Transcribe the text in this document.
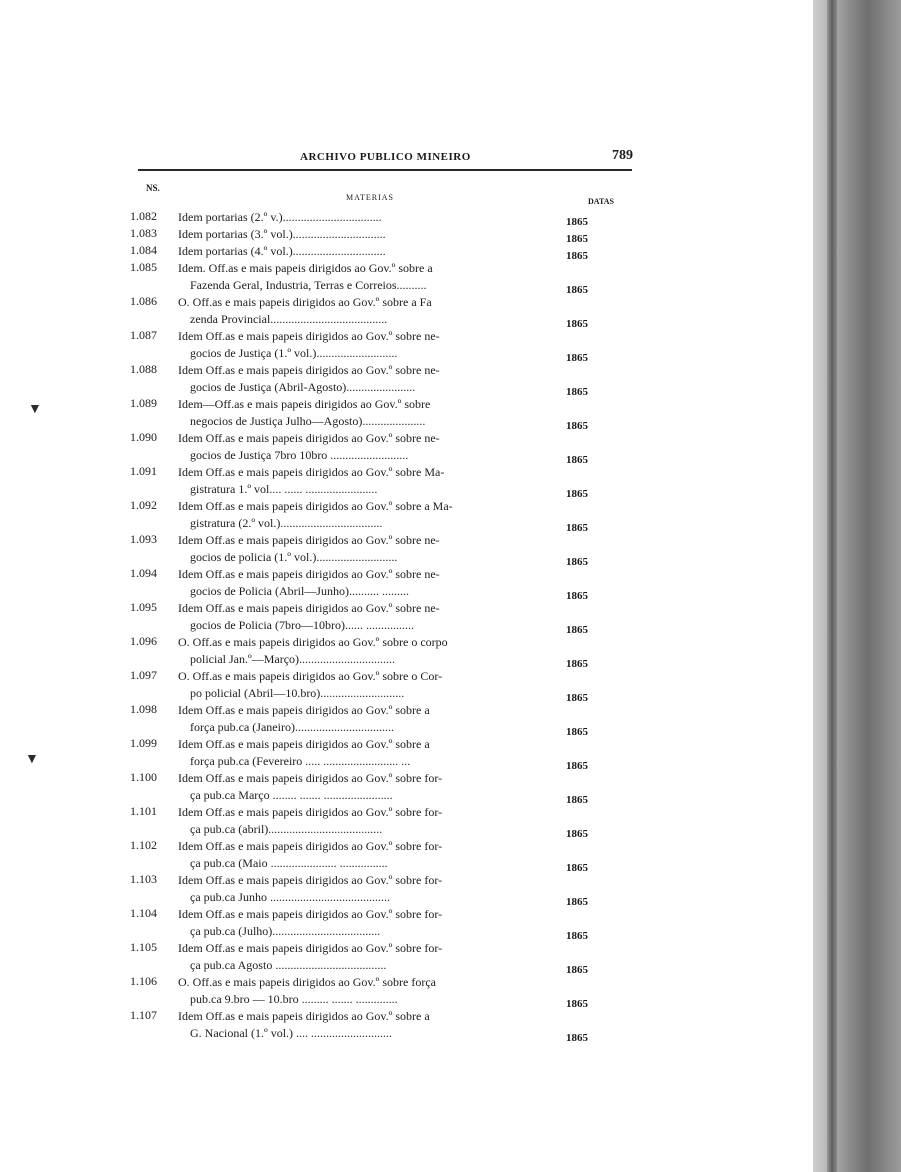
▼
▼
ARCHIVO PUBLICO MINEIRO	789
NS.
MATERIAS	DATAS
1.082	Idem portarias (2.º v.).................................	1865
1.083	Idem portarias (3.º vol.)...............................	1865
1.084	Idem portarias (4.º vol.)...............................	1865
1.085	Idem. Off.as e mais papeis dirigidos ao Gov.º sobre a
Fazenda Geral, Industria, Terras e Correios..........	1865
1.086	O. Off.as e mais papeis dirigidos ao Gov.º sobre a Fa
zenda Provincial.......................................	1865
1.087	Idem Off.as e mais papeis dirigidos ao Gov.º sobre ne-
gocios de Justiça (1.º vol.)...........................	1865
1.088	Idem Off.as e mais papeis dirigidos ao Gov.º sobre ne-
gocios de Justiça (Abril-Agosto).......................	1865
1.089	Idem—Off.as e mais papeis dirigidos ao Gov.º sobre
negocios de Justiça Julho—Agosto).....................	1865
1.090	Idem Off.as e mais papeis dirigidos ao Gov.º sobre ne-
gocios de Justiça 7bro 10bro ..........................	1865
1.091	Idem Off.as e mais papeis dirigidos ao Gov.º sobre Ma-
gistratura 1.º vol.... ...... ........................	1865
1.092	Idem Off.as e mais papeis dirigidos ao Gov.º sobre a Ma-
gistratura (2.º vol.)..................................	1865
1.093	Idem Off.as e mais papeis dirigidos ao Gov.º sobre ne-
gocios de policia (1.º vol.)...........................	1865
1.094	Idem Off.as e mais papeis dirigidos ao Gov.º sobre ne-
gocios de Policia (Abril—Junho).......... .........	1865
1.095	Idem Off.as e mais papeis dirigidos ao Gov.º sobre ne-
gocios de Policia (7bro—10bro)...... ................	1865
1.096	O. Off.as e mais papeis dirigidos ao Gov.º sobre o corpo
policial Jan.º—Março)................................	1865
1.097	O. Off.as e mais papeis dirigidos ao Gov.º sobre o Cor-
po policial (Abril—10.bro)............................	1865
1.098	Idem Off.as e mais papeis dirigidos ao Gov.º sobre a
força pub.ca (Janeiro).................................	1865
1.099	Idem Off.as e mais papeis dirigidos ao Gov.º sobre a
força pub.ca (Fevereiro ..... ......................... ...	1865
1.100	Idem Off.as e mais papeis dirigidos ao Gov.º sobre for-
ça pub.ca Março ........ ....... .......................	1865
1.101	Idem Off.as e mais papeis dirigidos ao Gov.º sobre for-
ça pub.ca (abril)......................................	1865
1.102	Idem Off.as e mais papeis dirigidos ao Gov.º sobre for-
ça pub.ca (Maio ...................... ................	1865
1.103	Idem Off.as e mais papeis dirigidos ao Gov.º sobre for-
ça pub.ca Junho ........................................	1865
1.104	Idem Off.as e mais papeis dirigidos ao Gov.º sobre for-
ça pub.ca (Julho)....................................	1865
1.105	Idem Off.as e mais papeis dirigidos ao Gov.º sobre for-
ça pub.ca Agosto .....................................	1865
1.106	O. Off.as e mais papeis dirigidos ao Gov.º sobre força
pub.ca 9.bro — 10.bro ......... ....... ..............	1865
1.107	Idem Off.as e mais papeis dirigidos ao Gov.º sobre a
G. Nacional (1.º vol.) .... ...........................	1865
